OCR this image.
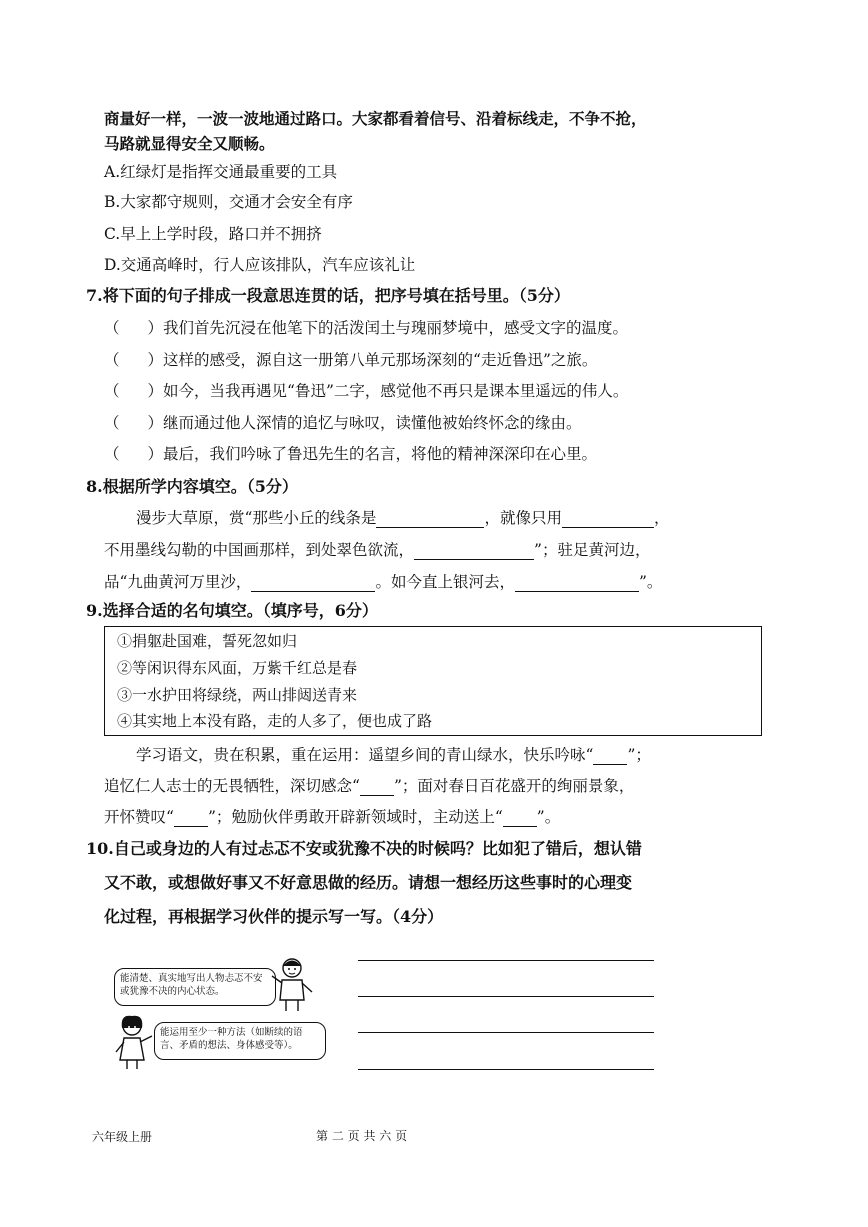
商量好一样，一波一波地通过路口。大家都看着信号、沿着标线走，不争不抢，
马路就显得安全又顺畅。
A.红绿灯是指挥交通最重要的工具
B.大家都守规则，交通才会安全有序
C.早上上学时段，路口并不拥挤
D.交通高峰时，行人应该排队，汽车应该礼让
7.将下面的句子排成一段意思连贯的话，把序号填在括号里。（5分）
（ ）我们首先沉浸在他笔下的活泼闰土与瑰丽梦境中，感受文字的温度。
（ ）这样的感受，源自这一册第八单元那场深刻的“走近鲁迅”之旅。
（ ）如今，当我再遇见“鲁迅”二字，感觉他不再只是课本里遥远的伟人。
（ ）继而通过他人深情的追忆与咏叹，读懂他被始终怀念的缘由。
（ ）最后，我们吟咏了鲁迅先生的名言，将他的精神深深印在心里。
8.根据所学内容填空。（5分）
漫步大草原，赏“那些小丘的线条是	，就像只用	，
不用墨线勾勒的中国画那样，到处翠色欲流，	”；驻足黄河边，
品“九曲黄河万里沙，	。如今直上银河去，	”。
9.选择合适的名句填空。（填序号，6分）
①捐躯赴国难，誓死忽如归
②等闲识得东风面，万紫千红总是春
③一水护田将绿绕，两山排闼送青来
④其实地上本没有路，走的人多了，便也成了路
学习语文，贵在积累，重在运用：遥望乡间的青山绿水，快乐吟咏“ ”；
追忆仁人志士的无畏牺牲，深切感念“ ”；面对春日百花盛开的绚丽景象，
开怀赞叹“ ”；勉励伙伴勇敢开辟新领域时，主动送上“ ”。
10.自己或身边的人有过忐忑不安或犹豫不决的时候吗？比如犯了错后，想认错
又不敢，或想做好事又不好意思做的经历。请想一想经历这些事时的心理变
化过程，再根据学习伙伴的提示写一写。（4分）
能清楚、真实地写出人物忐忑不安或犹豫不决的内心状态。
能运用至少一种方法（如断续的语言、矛盾的想法、身体感受等）。
六年级上册	第 二 页 共 六 页
